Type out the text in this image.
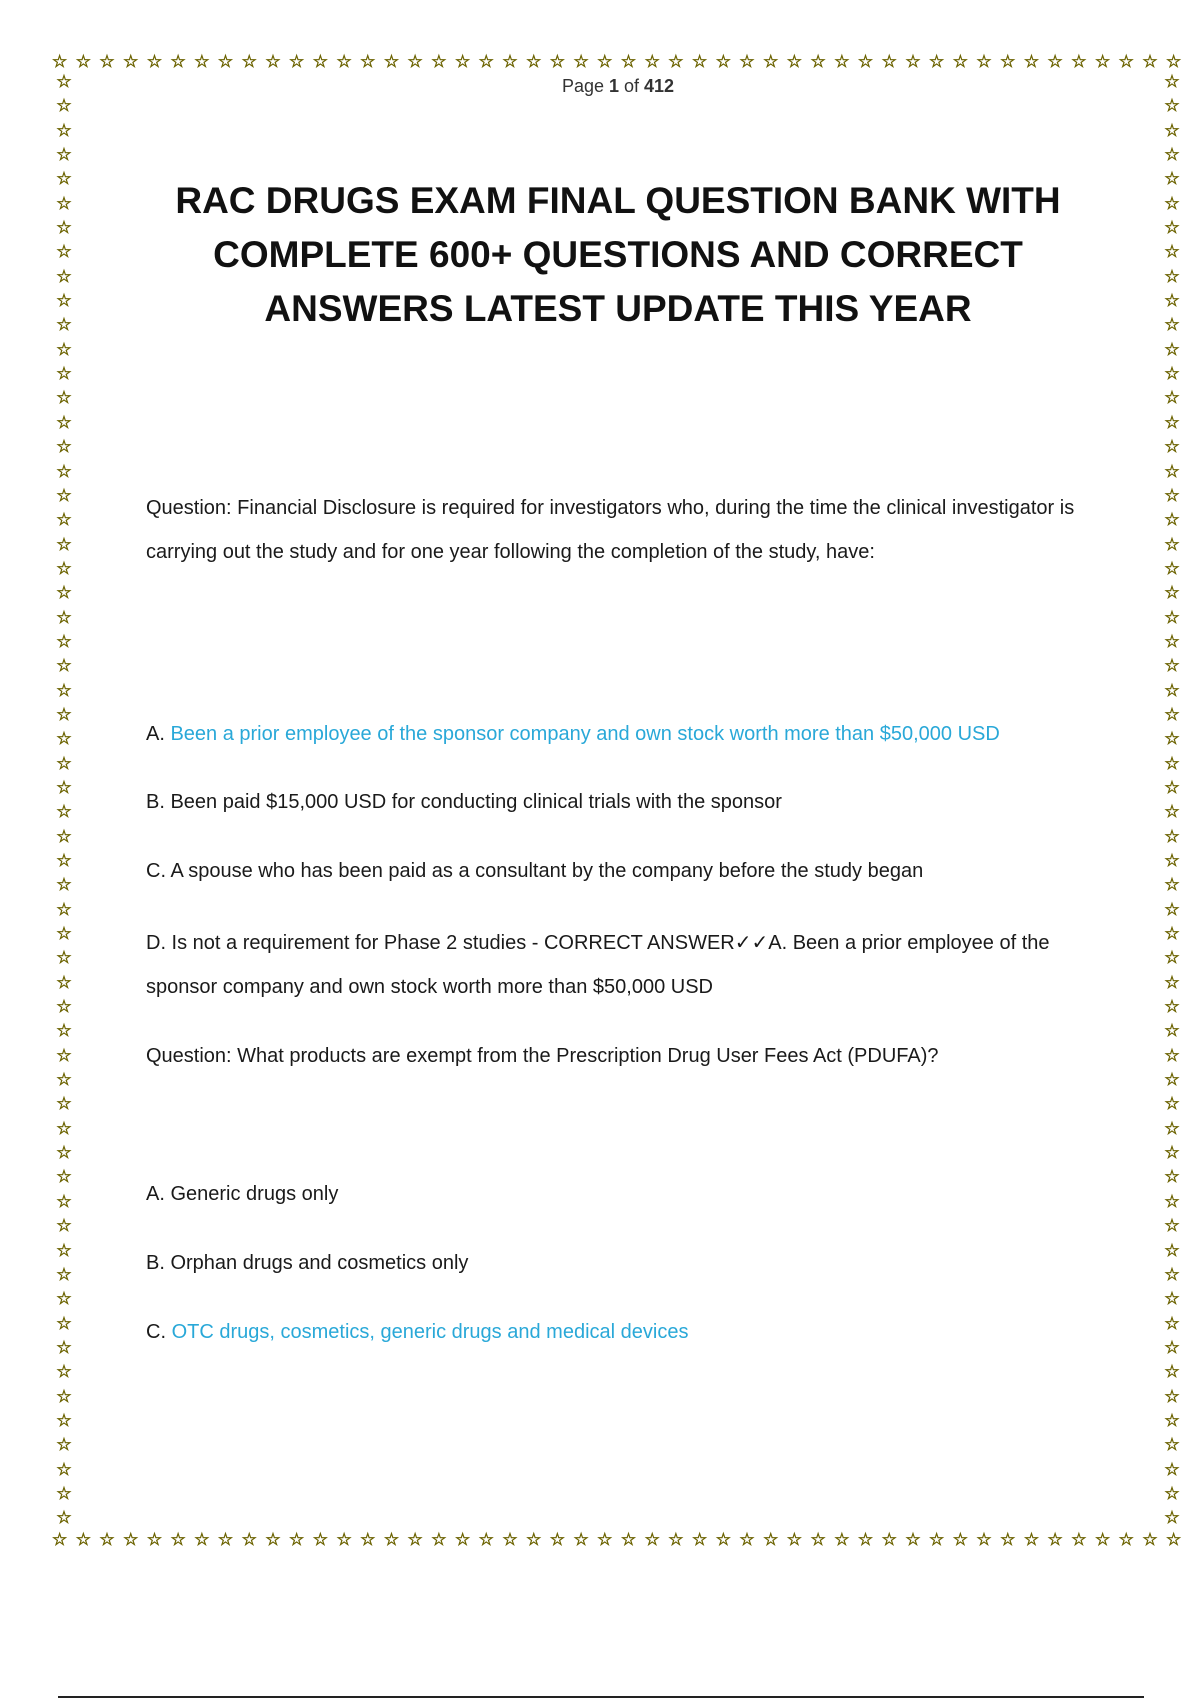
☆ ☆ ☆ ☆ ☆ ☆ ☆ ☆ ☆ ☆ ☆ ☆ ☆ ☆ ☆ ☆ ☆ ☆ ☆ ☆ ☆ ☆ ☆ ☆ ☆ ☆ ☆ ☆ ☆ ☆ ☆ ☆ ☆ ☆ ☆ ☆ ☆ ☆ ☆ ☆ ☆ ☆ ☆ ☆ ☆ ☆ ☆ ☆
☆ ☆ ☆ ☆ ☆ ☆ ☆ ☆ ☆ ☆ ☆ ☆ ☆ ☆ ☆ ☆ ☆ ☆ ☆ ☆ ☆ ☆ ☆ ☆ ☆ ☆ ☆ ☆ ☆ ☆ ☆ ☆ ☆ ☆ ☆ ☆ ☆ ☆ ☆ ☆ ☆ ☆ ☆ ☆ ☆ ☆ ☆ ☆
☆
☆
☆
☆
☆
☆
☆
☆
☆
☆
☆
☆
☆
☆
☆
☆
☆
☆
☆
☆
☆
☆
☆
☆
☆
☆
☆
☆
☆
☆
☆
☆
☆
☆
☆
☆
☆
☆
☆
☆
☆
☆
☆
☆
☆
☆
☆
☆
☆
☆
☆
☆
☆
☆
☆
☆
☆
☆
☆
☆
☆
☆
☆
☆
☆
☆
☆
☆
☆
☆
☆
☆
☆
☆
☆
☆
☆
☆
☆
☆
☆
☆
☆
☆
☆
☆
☆
☆
☆
☆
☆
☆
☆
☆
☆
☆
☆
☆
☆
☆
☆
☆
☆
☆
☆
☆
☆
☆
☆
☆
☆
☆
☆
☆
☆
☆
☆
☆
☆
☆
Page 1 of 412
RAC DRUGS EXAM FINAL QUESTION BANK WITH COMPLETE 600+ QUESTIONS AND CORRECT ANSWERS LATEST UPDATE THIS YEAR
Question: Financial Disclosure is required for investigators who, during the time the clinical investigator is carrying out the study and for one year following the completion of the study, have:
A. Been a prior employee of the sponsor company and own stock worth more than $50,000 USD
B. Been paid $15,000 USD for conducting clinical trials with the sponsor
C. A spouse who has been paid as a consultant by the company before the study began
D. Is not a requirement for Phase 2 studies - CORRECT ANSWER✓✓A. Been a prior employee of the sponsor company and own stock worth more than $50,000 USD
Question: What products are exempt from the Prescription Drug User Fees Act (PDUFA)?
A. Generic drugs only
B. Orphan drugs and cosmetics only
C. OTC drugs, cosmetics, generic drugs and medical devices
